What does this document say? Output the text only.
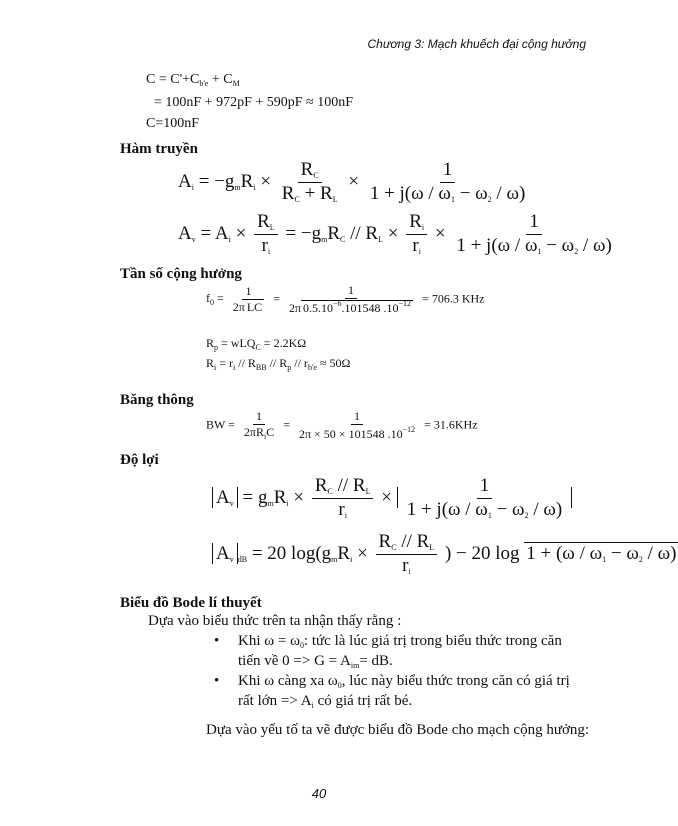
Chương 3: Mạch khuếch đại cộng hưởng
$C = C'+C_{b'e} + C_M$
= 100nF + 972pF + 590pF ≈ 100nF
C=100nF
Hàm truyền
$A_i = -g_mR_i \times \frac{R_C}{R_C + R_L} \times \frac{1}{1 + j(\omega / \omega_1 - \omega_2 / \omega)}$
$A_v = A_i \times \frac{R_L}{r_i} = -g_mR_C // R_L \times \frac{R_i}{r_i} \times \frac{1}{1 + j(\omega / \omega_1 - \omega_2 / \omega)}$
Tần số cộng hưởng
$f_0 = \frac{1}{\text{2π LC}} = \frac{1}{2\pi 0.5.10^{-6}.101548 .10^{-12}} = 706.3$ KHz
$R_p = wLQ_C = 2.2K\Omega$
$R_i = r_i // R_{BB} // R_p // r_{b'e} \approx 50\Omega$
Băng thông
BW = $\frac{1}{2\pi R_iC} = \frac{1}{2\pi \times 50 \times 101548 .10^{-12}} = 31.6KHz$
Độ lợi
$A_v = g_mR_i \times \frac{R_C // R_L}{r_i} \times \frac{1}{1 + j(\omega / \omega_1 - \omega_2 / \omega)}$
$A_v$ $_{dB}$ = 20 $\log(g_mR_i \times \frac{R_C // R_L}{r_i}$ ) − 20 $\log 1 + (\omega / \omega_1 - \omega_2 / \omega)$
Biểu đồ Bode lí thuyết
Dựa vào biểu thức trên ta nhận thấy rằng :
• Khi $\omega = \omega_0$: tức là lúc giá trị trong biểu thức trong căn
tiến về $0 => G = A_{im}=$ dB.
• Khi ω càng xa $\omega_0$, lúc này biểu thức trong căn có giá trị
rất lớn => $A_i$ có giá trị rất bé.
Dựa vào yếu tố ta vẽ được biểu đồ Bode cho mạch cộng hưởng:
40
